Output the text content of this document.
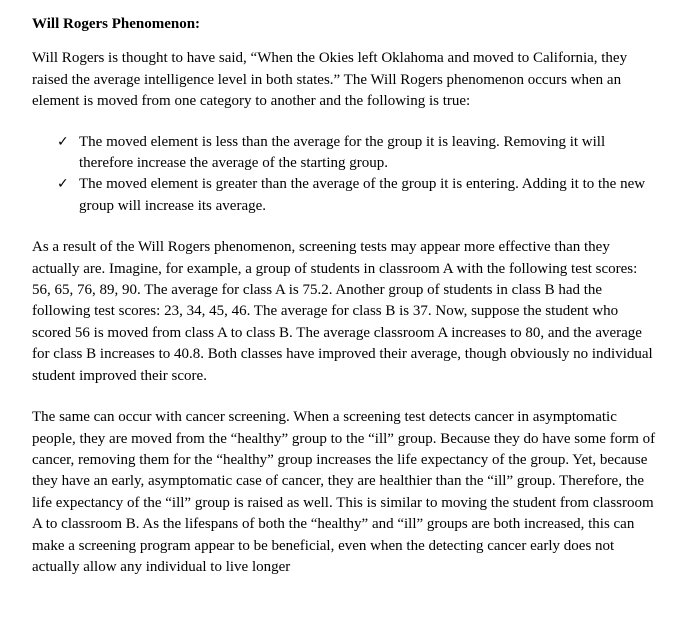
Will Rogers Phenomenon:

Will Rogers is thought to have said, “When the Okies left Oklahoma and moved to California, they raised the average intelligence level in both states.” The Will Rogers phenomenon occurs when an element is moved from one category to another and the following is true:

✓ The moved element is less than the average for the group it is leaving. Removing it will therefore increase the average of the starting group.
✓ The moved element is greater than the average of the group it is entering. Adding it to the new group will increase its average.

As a result of the Will Rogers phenomenon, screening tests may appear more effective than they actually are. Imagine, for example, a group of students in classroom A with the following test scores: 56, 65, 76, 89, 90. The average for class A is 75.2. Another group of students in class B had the following test scores: 23, 34, 45, 46. The average for class B is 37. Now, suppose the student who scored 56 is moved from class A to class B. The average classroom A increases to 80, and the average for class B increases to 40.8. Both classes have improved their average, though obviously no individual student improved their score.

The same can occur with cancer screening. When a screening test detects cancer in asymptomatic people, they are moved from the “healthy” group to the “ill” group. Because they do have some form of cancer, removing them for the “healthy” group increases the life expectancy of the group. Yet, because they have an early, asymptomatic case of cancer, they are healthier than the “ill” group. Therefore, the life expectancy of the “ill” group is raised as well. This is similar to moving the student from classroom A to classroom B. As the lifespans of both the “healthy” and “ill” groups are both increased, this can make a screening program appear to be beneficial, even when the detecting cancer early does not actually allow any individual to live longer
